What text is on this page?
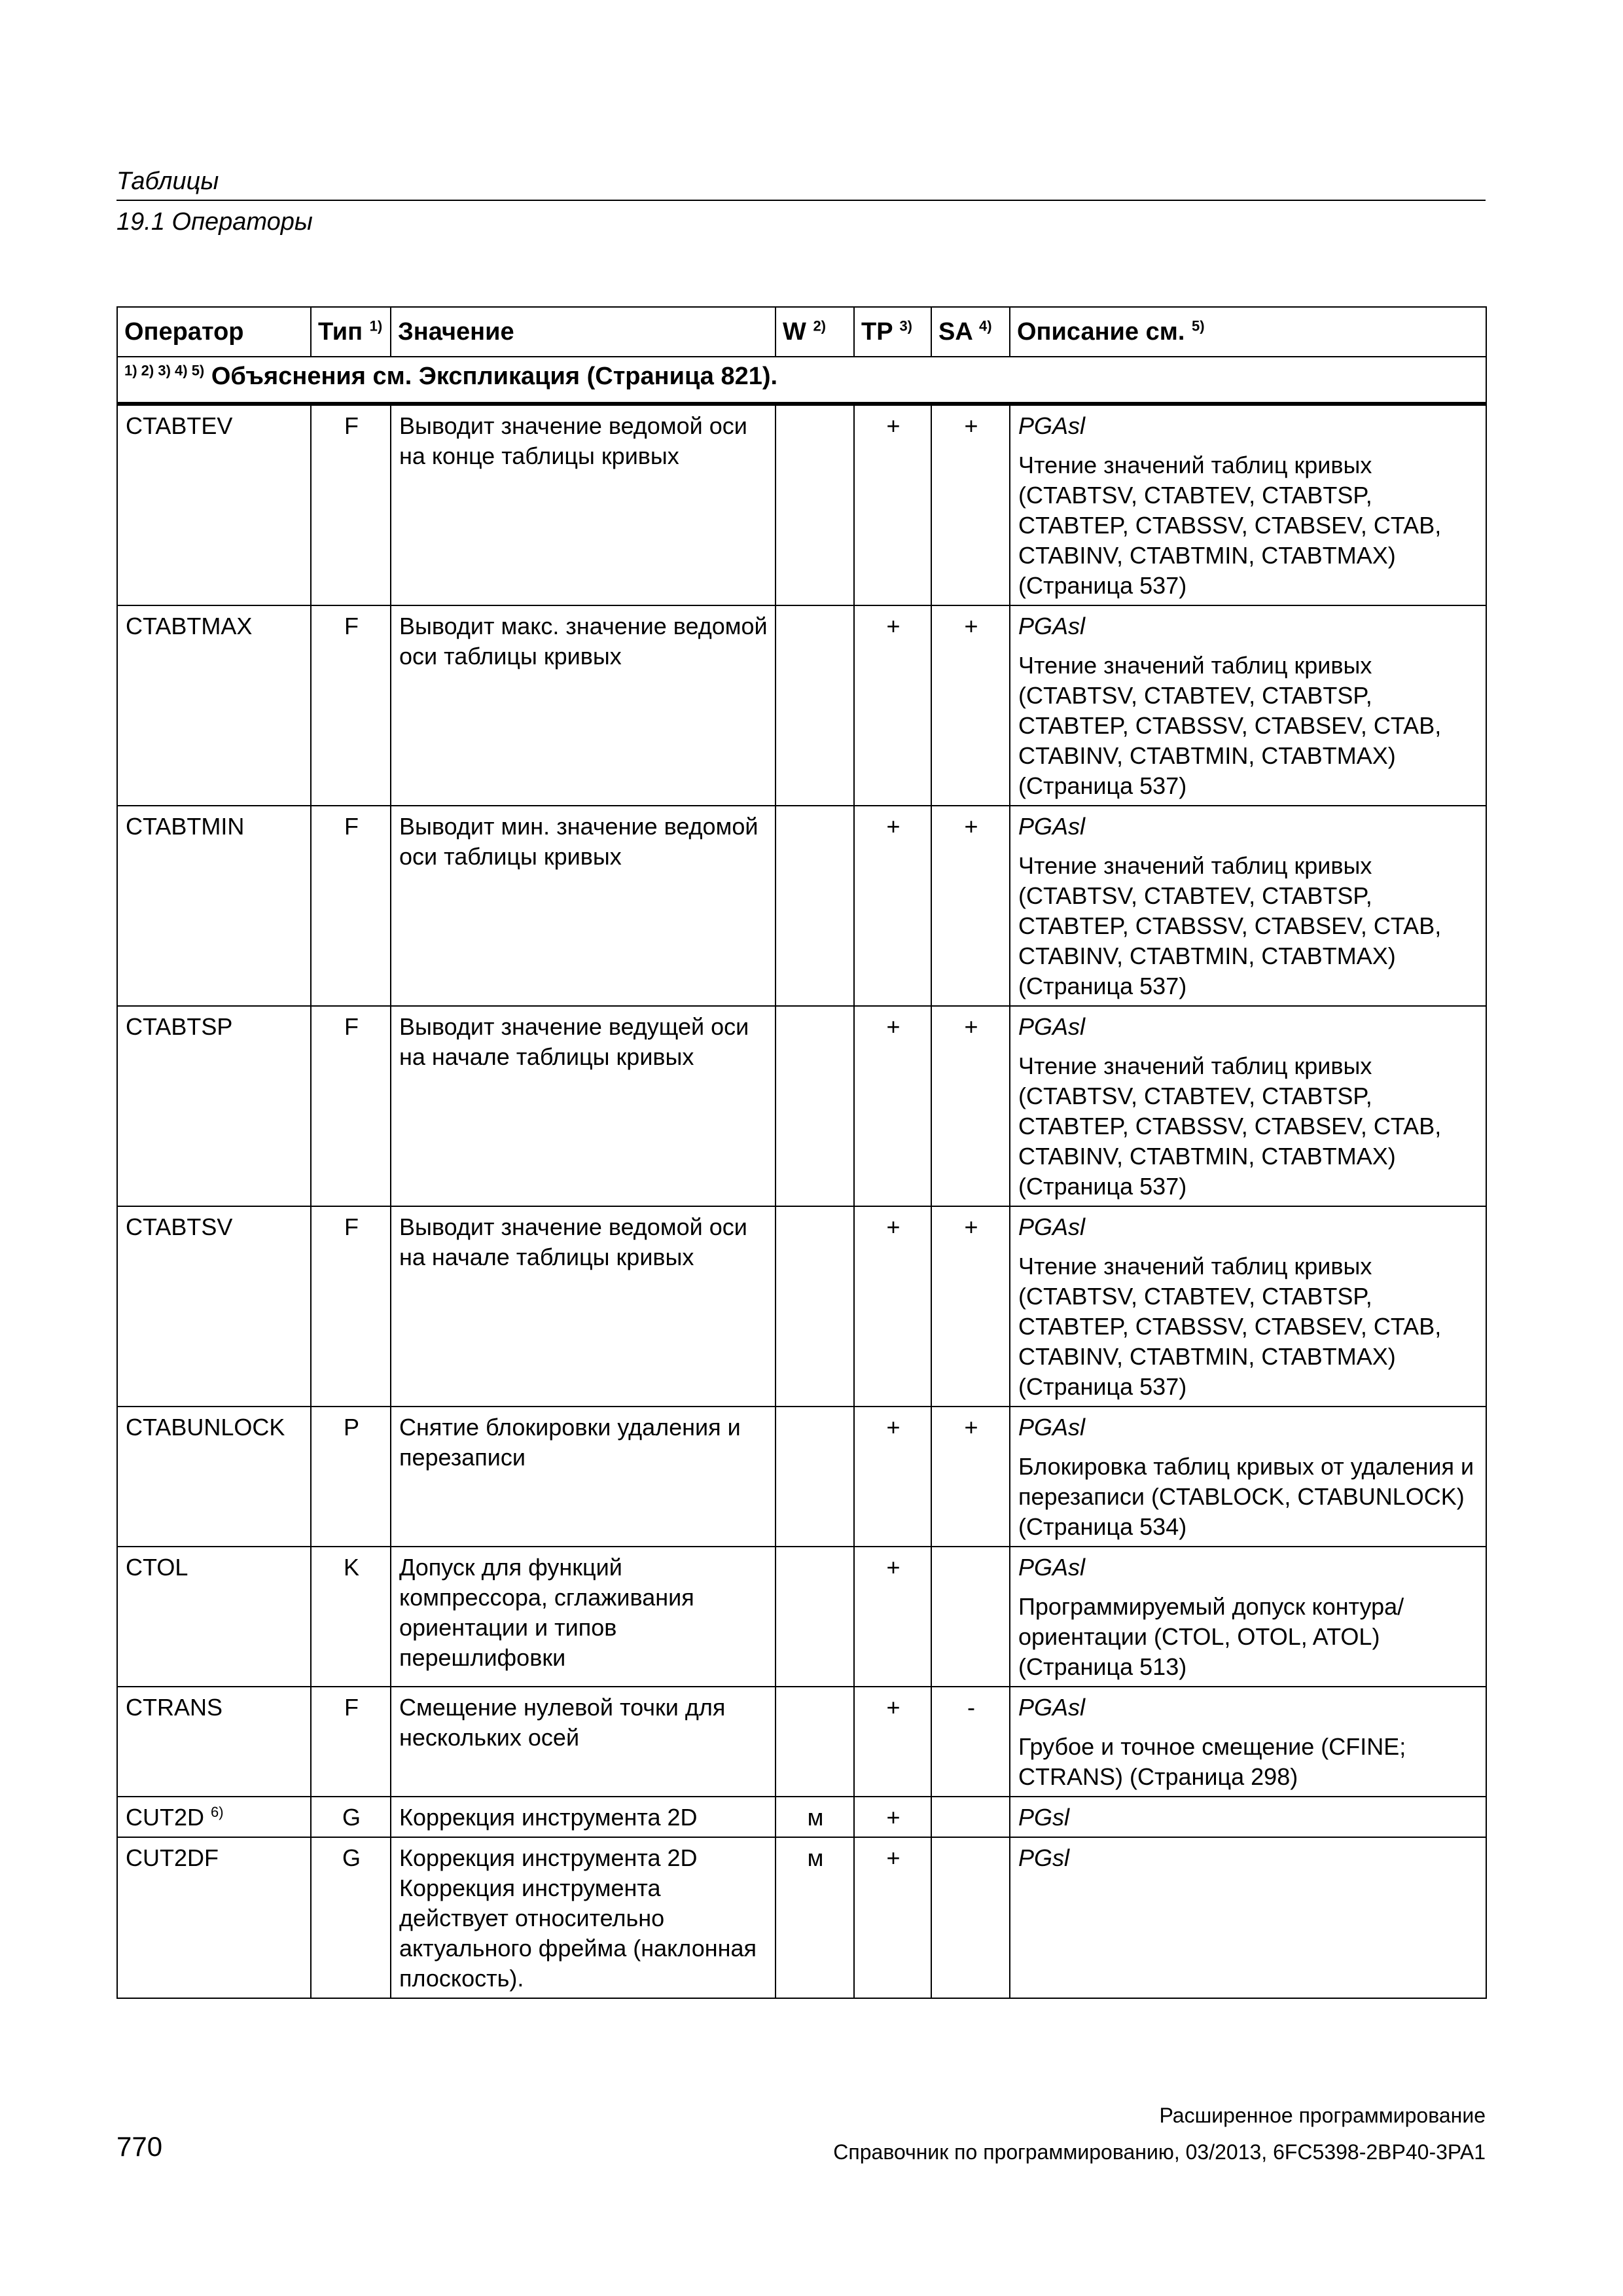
Таблицы
19.1 Операторы
Оператор	Тип $^{1)}$	Значение	W $^{2)}$	TP $^{3)}$	SA $^{4)}$	Описание см. $^{5)}$
$^{1) 2) 3) 4) 5)}$ Объяснения см. Экспликация (Страница 821).						
CTABTEV	F	Выводит значение ведомой оси на конце таблицы кривых		+	+	PGAsl
Чтение значений таблиц кривых (CTABTSV, CTABTEV, CTABTSP, CTABTEP, CTABSSV, CTABSEV, CTAB, CTABINV, CTABTMIN, CTABTMAX) (Страница 537)
CTABTMAX	F	Выводит макс. значение ведомой оси таблицы кривых		+	+	PGAsl
Чтение значений таблиц кривых (CTABTSV, CTABTEV, CTABTSP, CTABTEP, CTABSSV, CTABSEV, CTAB, CTABINV, CTABTMIN, CTABTMAX) (Страница 537)
CTABTMIN	F	Выводит мин. значение ведомой оси таблицы кривых		+	+	PGAsl
Чтение значений таблиц кривых (CTABTSV, CTABTEV, CTABTSP, CTABTEP, CTABSSV, CTABSEV, CTAB, CTABINV, CTABTMIN, CTABTMAX) (Страница 537)
CTABTSP	F	Выводит значение ведущей оси на начале таблицы кривых		+	+	PGAsl
Чтение значений таблиц кривых (CTABTSV, CTABTEV, CTABTSP, CTABTEP, CTABSSV, CTABSEV, CTAB, CTABINV, CTABTMIN, CTABTMAX) (Страница 537)
CTABTSV	F	Выводит значение ведомой оси на начале таблицы кривых		+	+	PGAsl
Чтение значений таблиц кривых (CTABTSV, CTABTEV, CTABTSP, CTABTEP, CTABSSV, CTABSEV, CTAB, CTABINV, CTABTMIN, CTABTMAX) (Страница 537)
CTABUNLOCK	P	Снятие блокировки удаления и перезаписи		+	+	PGAsl
Блокировка таблиц кривых от удаления и перезаписи (CTABLOCK, CTABUNLOCK) (Страница 534)
CTOL	K	Допуск для функций компрессора, сглаживания ориентации и типов перешлифовки		+		PGAsl
Программируемый допуск контура/ориентации (CTOL, OTOL, ATOL) (Страница 513)
CTRANS	F	Смещение нулевой точки для нескольких осей		+	-	PGAsl
Грубое и точное смещение (CFINE; CTRANS) (Страница 298)
CUT2D $^{6)}$	G	Коррекция инструмента 2D	м	+		PGsl

CUT2DF	G	Коррекция инструмента 2D Коррекция инструмента действует относительно актуального фрейма (наклонная плоскость).	м	+		PGsl
Расширенное программирование
770	Справочник по программированию, 03/2013, 6FC5398-2BP40-3PA1
